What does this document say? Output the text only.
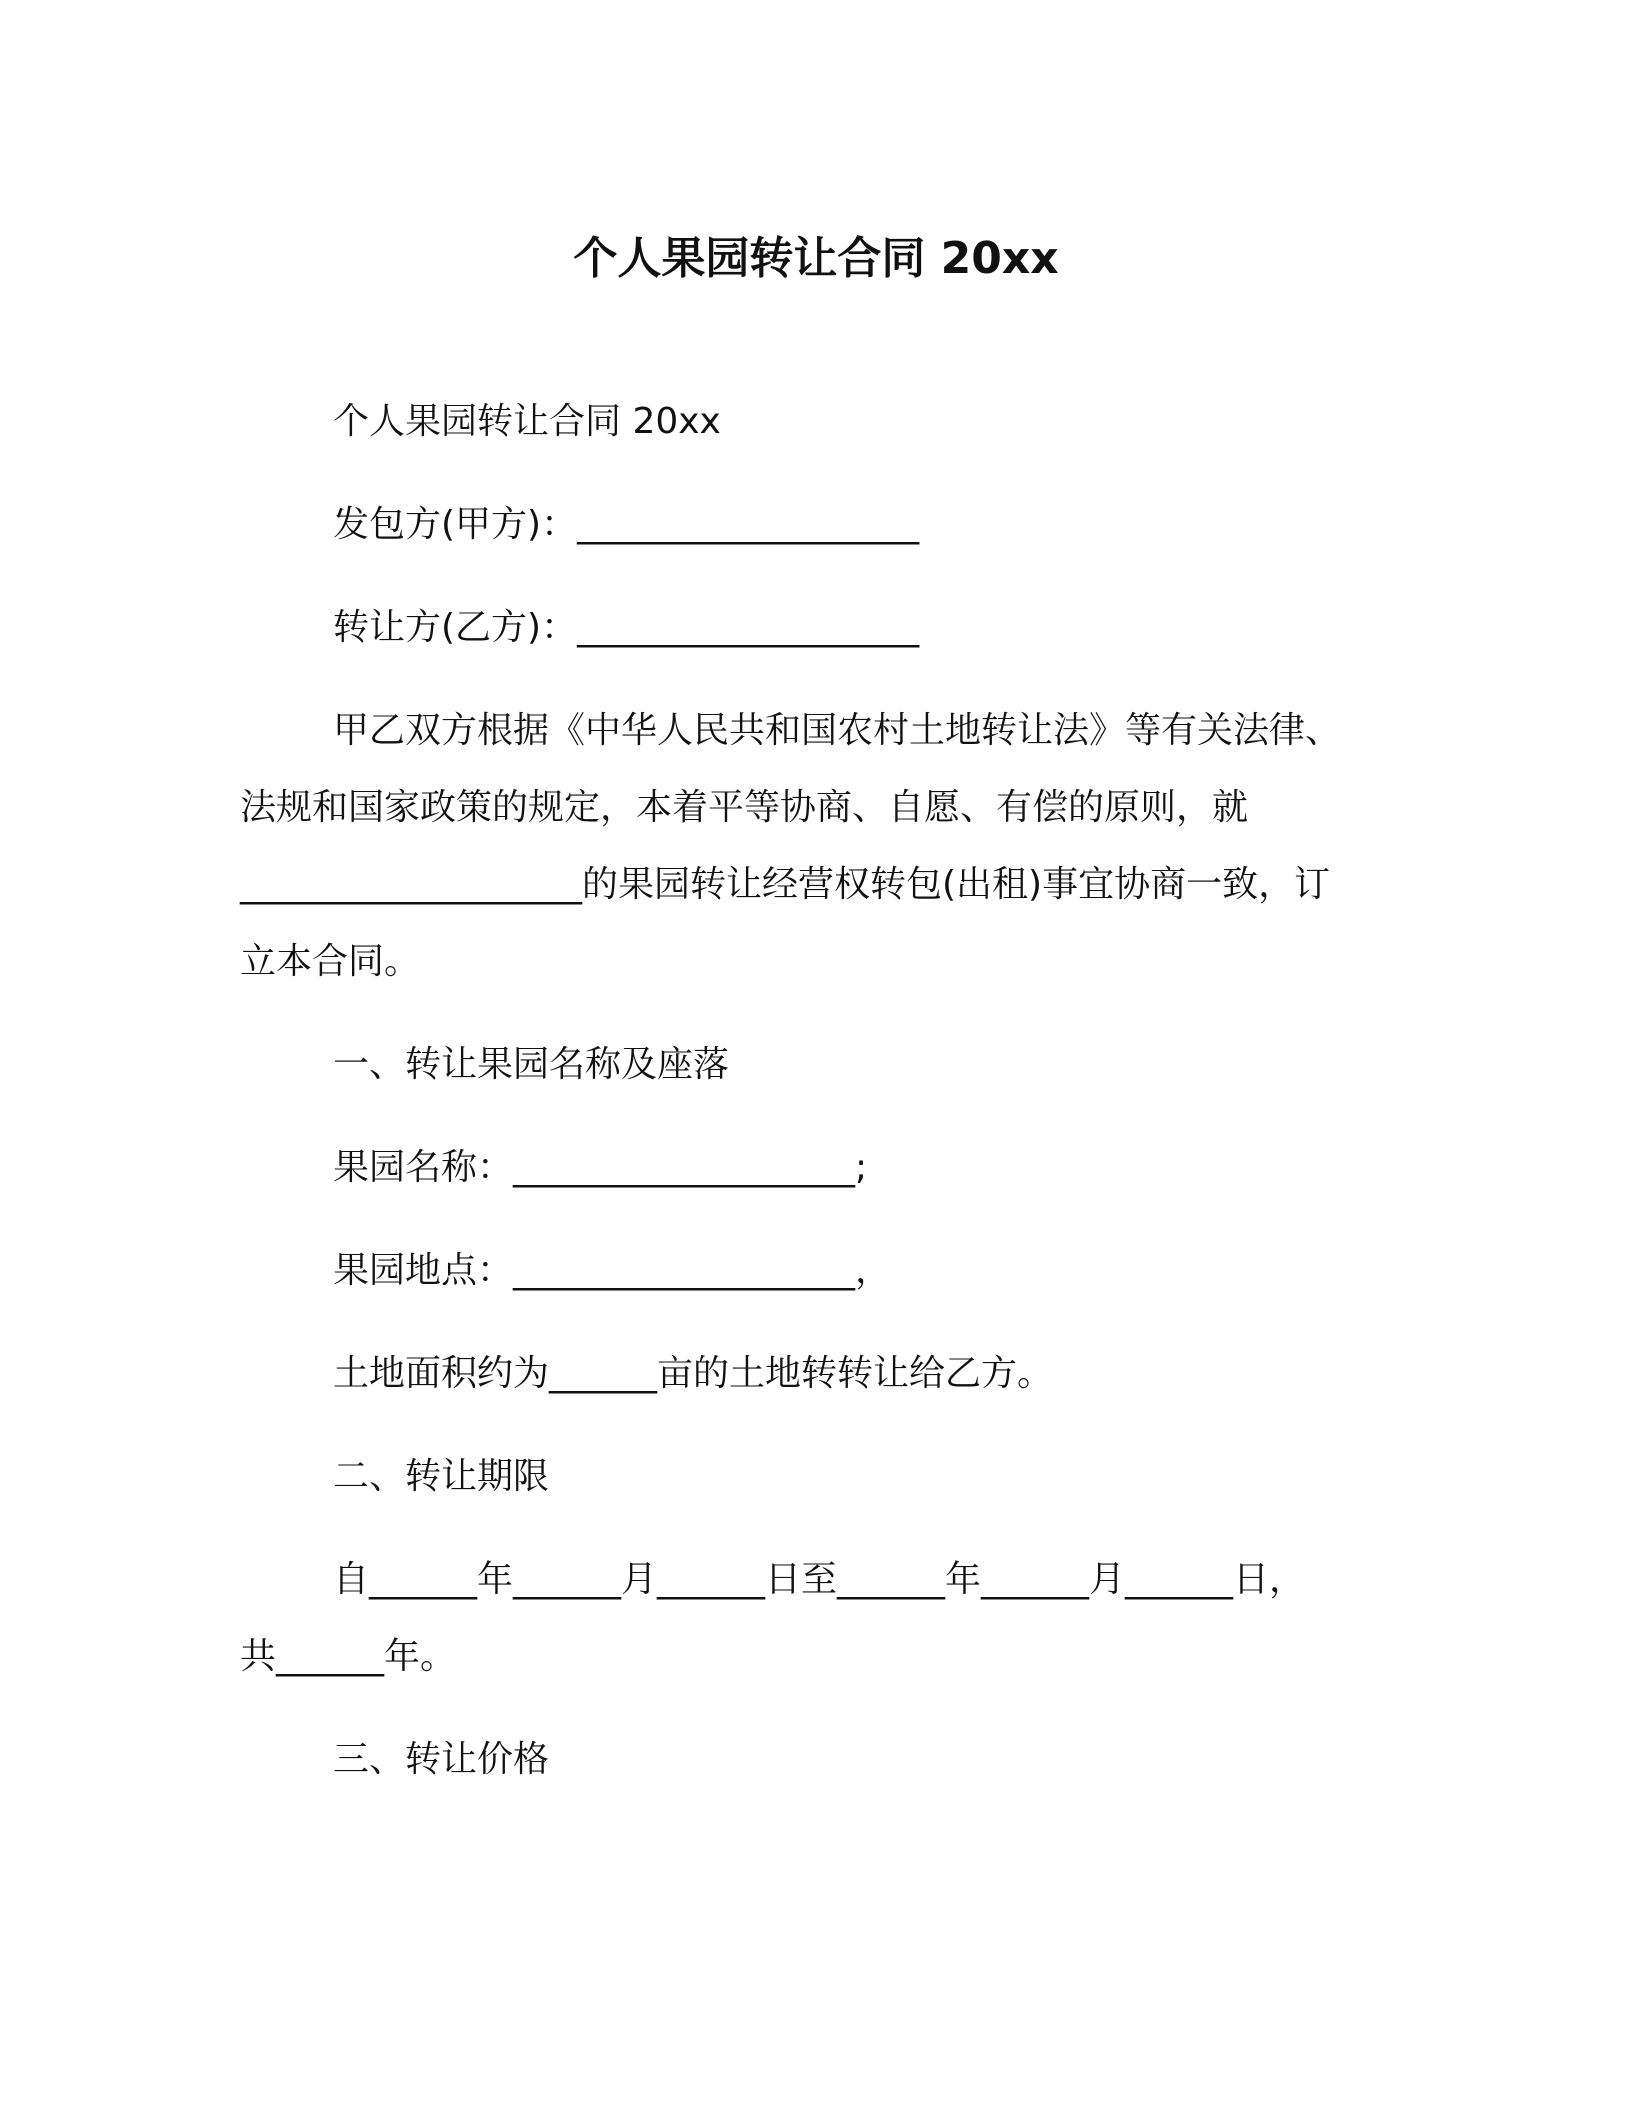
个人果园转让合同 20xx
个人果园转让合同 20xx
发包方(甲方)：___________________
转让方(乙方)：___________________
甲乙双方根据《中华人民共和国农村土地转让法》等有关法律、
法规和国家政策的规定，本着平等协商、自愿、有偿的原则，就
___________________的果园转让经营权转包(出租)事宜协商一致，订
立本合同。
一、转让果园名称及座落
果园名称：___________________;
果园地点：___________________，
土地面积约为______亩的土地转转让给乙方。
二、转让期限
自______年______月______日至______年______月______日，
共______年。
三、转让价格
